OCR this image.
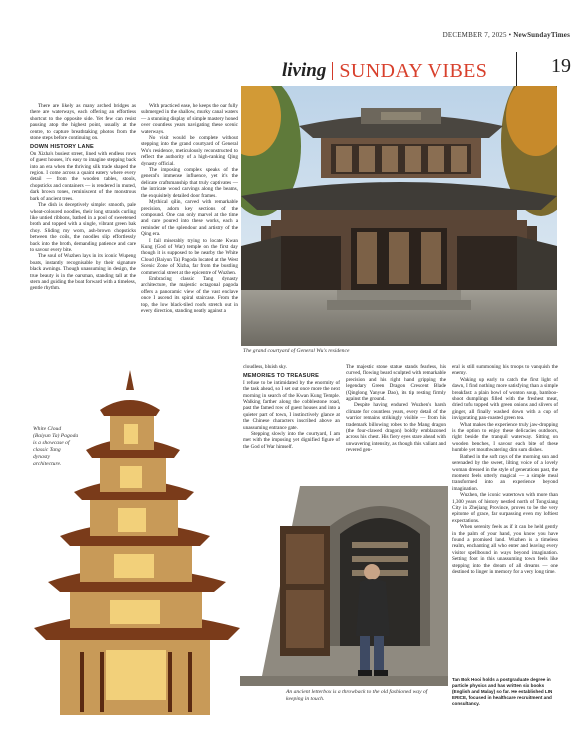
DECEMBER 7, 2025 • NewSundayTimes
living SUNDAY VIBES	19

There are likely as many arched bridges as there are waterways, each offering an effortless shortcut to the opposite side. Yet few can resist pausing atop the highest point, usually at the centre, to capture breathtaking photos from the stone steps before continuing on.

DOWN HISTORY LANE

On Xizha's busiest street, lined with endless rows of guest houses, it's easy to imagine stepping back into an era when the thriving silk trade shaped the region. I come across a quaint eatery where every detail — from the wooden tables, stools, chopsticks and containers — is rendered in muted, dark brown tones, reminiscent of the monstrous bark of ancient trees.

The dish is deceptively simple: smooth, pale wheat-coloured noodles, their long strands curling like untied ribbons, bathed in a pool of sweetened broth and topped with a single, vibrant green bak choy. Sliding my worn, ash-brown chopsticks between the coils, the noodles slip effortlessly back into the broth, demanding patience and care to savour every bite.

The soul of Wuzhen lays in its iconic Wupeng boats, instantly recognisable by their signature black awnings. Though unassuming in design, the true beauty is in the oarsman, standing tall at the stern and guiding the boat forward with a timeless, gentle rhythm.

With practiced ease, he keeps the oar fully submerged in the shallow, murky canal waters — a stunning display of simple mastery honed over countless years navigating these scenic waterways.

No visit would be complete without stepping into the grand courtyard of General Wu's residence, meticulously reconstructed to reflect the authority of a high-ranking Qing dynasty official.

The imposing complex speaks of the general's immense influence, yet it's the delicate craftsmanship that truly captivates — the intricate wood carvings along the beams, the exquisitely detailed door frames.

Mythical qilin, carved with remarkable precision, adorn key sections of the compound. One can only marvel at the time and care poured into these works, each a reminder of the splendour and artistry of the Qing era.

I fail miserably trying to locate Kwan Kung (God of War) temple on the first day though it is supposed to be nearby the White Cloud (Baiyun Ta) Pagoda located at the West Scenic Zone of Xizha, far from the bustling commercial street at the epicentre of Wuzhen.

Embracing classic Tang dynasty architecture, the majestic octagonal pagoda offers a panoramic view of the vast enclave once I ascend its spiral staircase. From the top, the low black-tiled roofs stretch out in every direction, standing neatly against a

The grand courtyard of General Wu's residence
White Cloud (Baiyun Ta) Pagoda is a showcase of classic Tang dynasty architecture.

cloudless, bluish sky.

MEMORIES TO TREASURE

I refuse to be intimidated by the enormity of the task ahead, so I set out once more the next morning in search of the Kwan Kung Temple. Walking farther along the cobblestone road, past the famed row of guest houses and into a quieter part of town, I instinctively glance at the Chinese characters inscribed above an unassuming entrance gate.

Stepping slowly into the courtyard, I am met with the imposing yet dignified figure of the God of War himself.

The majestic stone statue stands fearless, his curved, flowing beard sculpted with remarkable precision and his right hand gripping the legendary Green Dragon Crescent Blade (Qinglong Yanyue Dao), its tip resting firmly against the ground.

Despite having endured Wuzhen's harsh climate for countless years, every detail of the warrior remains strikingly visible — from his trademark billowing robes to the Mang dragon (the four-clawed dragon) boldly emblazoned across his chest. His fiery eyes stare ahead with unwavering intensity, as though this valiant and revered gen-

An ancient letterbox is a throwback to the old fashioned way of keeping in touch.

eral is still summoning his troops to vanquish the enemy.

Waking up early to catch the first light of dawn, I find nothing more satisfying than a simple breakfast: a plain bowl of wonton soup, bamboo-shoot dumplings filled with the freshest meat, dried tofu topped with green onions and slivers of ginger, all finally washed down with a cup of invigorating pan-roasted green tea.

What makes the experience truly jaw-dropping is the option to enjoy these delicacies outdoors, right beside the tranquil waterway. Sitting on wooden benches, I savour each bite of these humble yet mouthwatering dim sum dishes.

Bathed in the soft rays of the morning sun and serenaded by the sweet, lilting voice of a lovely woman dressed in the style of generations past, the moment feels utterly magical — a simple meal transformed into an experience beyond imagination.

Wuzhen, the iconic watertown with more than 1,300 years of history nestled north of Tongxiang City in Zhejiang Province, proves to be the very epitome of grace, far surpassing even my loftiest expectations.

When serenity feels as if it can be held gently in the palm of your hand, you know you have found a promised land. Wuzhen is a timeless realm, enchanting all who enter and leaving every visitor spellbound in ways beyond imagination. Setting foot in this unassuming town feels like stepping into the dream of all dreams — one destined to linger in memory for a very long time.

Tan Bok Hooi holds a postgraduate degree in particle physics and has written six books (English and Malay) so far. He established LIN ERICE, focused in healthcare recruitment and consultancy.
